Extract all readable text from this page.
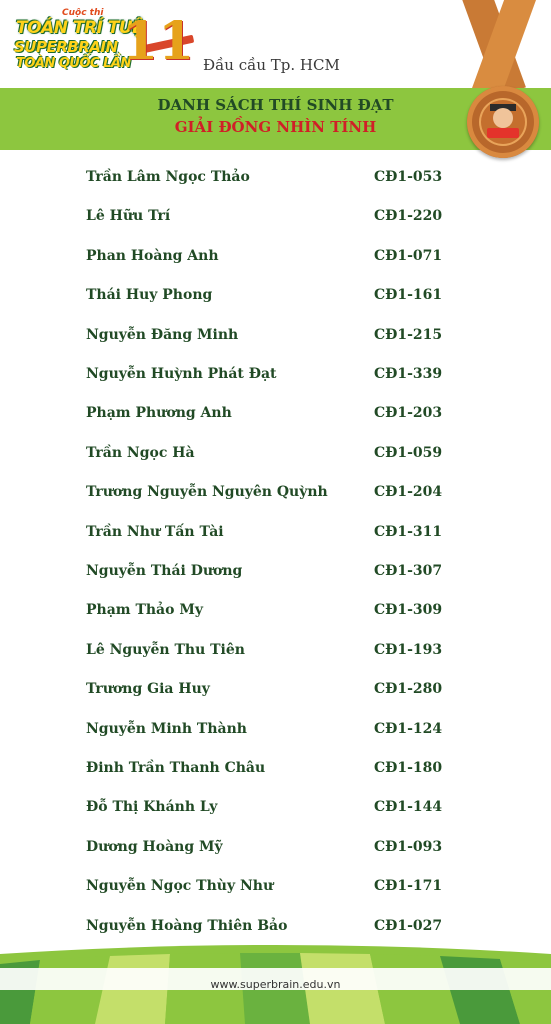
Cuộc thi
TOÁN TRÍ TUỆ
SUPERBRAIN
TOÀN QUỐC LẦN
11 Đầu cầu Tp. HCM
DANH SÁCH THÍ SINH ĐẠT
GIẢI ĐỒNG NHÌN TÍNH
Trần Lâm Ngọc Thảo	CĐ1-053
Lê Hữu Trí	CĐ1-220
Phan Hoàng Anh	CĐ1-071
Thái Huy Phong	CĐ1-161
Nguyễn Đăng Minh	CĐ1-215
Nguyễn Huỳnh Phát Đạt	CĐ1-339
Phạm Phương Anh	CĐ1-203
Trần Ngọc Hà	CĐ1-059
Trương Nguyễn Nguyên Quỳnh	CĐ1-204
Trần Như Tấn Tài	CĐ1-311
Nguyễn Thái Dương	CĐ1-307
Phạm Thảo My	CĐ1-309
Lê Nguyễn Thu Tiên	CĐ1-193
Trương Gia Huy	CĐ1-280
Nguyễn Minh Thành	CĐ1-124
Đinh Trần Thanh Châu	CĐ1-180
Đỗ Thị Khánh Ly	CĐ1-144
Dương Hoàng Mỹ	CĐ1-093
Nguyễn Ngọc Thùy Như	CĐ1-171
Nguyễn Hoàng Thiên Bảo	CĐ1-027
www.superbrain.edu.vn
